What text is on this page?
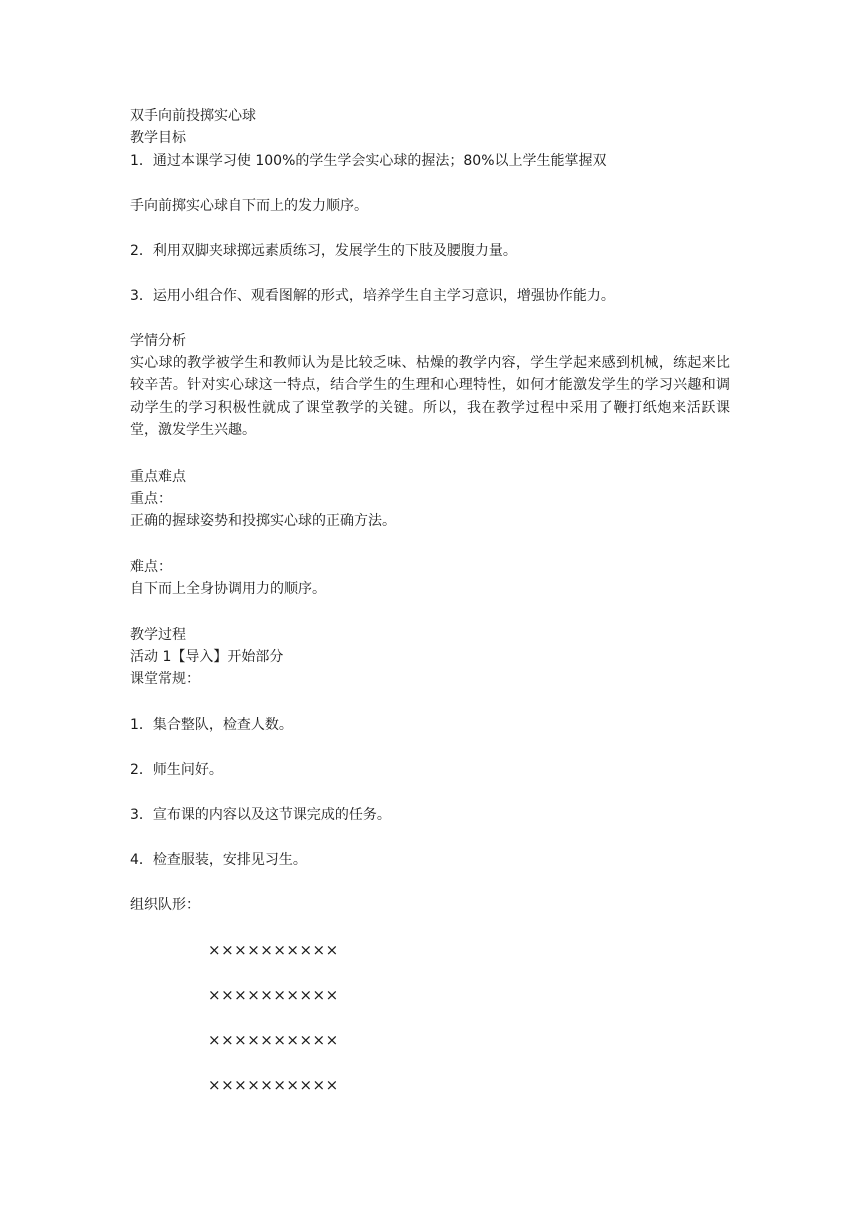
双手向前投掷实心球
教学目标
1．通过本课学习使 100%的学生学会实心球的握法；80%以上学生能掌握双
手向前掷实心球自下而上的发力顺序。
2．利用双脚夹球掷远素质练习，发展学生的下肢及腰腹力量。
3．运用小组合作、观看图解的形式，培养学生自主学习意识，增强协作能力。
学情分析
实心球的教学被学生和教师认为是比较乏味、枯燥的教学内容，学生学起来感到机械，练起来比较辛苦。针对实心球这一特点，结合学生的生理和心理特性，如何才能激发学生的学习兴趣和调动学生的学习积极性就成了课堂教学的关键。所以，我在教学过程中采用了鞭打纸炮来活跃课堂，激发学生兴趣。
重点难点
重点：
正确的握球姿势和投掷实心球的正确方法。
难点：
自下而上全身协调用力的顺序。
教学过程
活动 1【导入】开始部分
课堂常规：
1．集合整队，检查人数。
2．师生问好。
3．宣布课的内容以及这节课完成的任务。
4．检查服装，安排见习生。
组织队形：
××××××××××
××××××××××
××××××××××
××××××××××
